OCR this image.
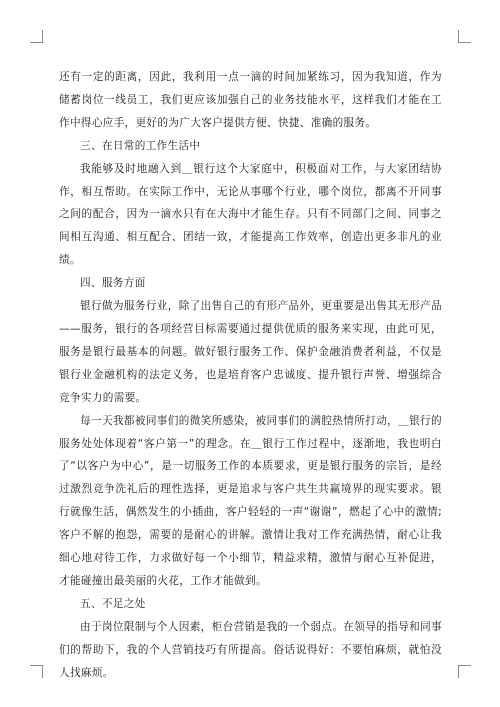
还有一定的距离，因此，我利用一点一滴的时间加紧练习，因为我知道，作为储蓄岗位一线员工，我们更应该加强自己的业务技能水平，这样我们才能在工作中得心应手，更好的为广大客户提供方便、快捷、准确的服务。

三、在日常的工作生活中

我能够及时地融入到＿银行这个大家庭中，积极面对工作，与大家团结协作，相互帮助。在实际工作中，无论从事哪个行业，哪个岗位，都离不开同事之间的配合，因为一滴水只有在大海中才能生存。只有不同部门之间、同事之间相互沟通、相互配合、团结一致，才能提高工作效率，创造出更多非凡的业绩。

四、服务方面

银行做为服务行业，除了出售自己的有形产品外，更重要是出售其无形产品——服务，银行的各项经营目标需要通过提供优质的服务来实现，由此可见，服务是银行最基本的问题。做好银行服务工作、保护金融消费者利益，不仅是银行业金融机构的法定义务，也是培育客户忠诚度、提升银行声誉、增强综合竞争实力的需要。

每一天我都被同事们的微笑所感染，被同事们的满腔热情所打动，＿银行的服务处处体现着“客户第一”的理念。在＿银行工作过程中，逐渐地，我也明白了“以客户为中心”，是一切服务工作的本质要求，更是银行服务的宗旨，是经过激烈竞争洗礼后的理性选择，更是追求与客户共生共赢境界的现实要求。银行就像生活，偶然发生的小插曲，客户轻轻的一声“谢谢”，燃起了心中的激情;客户不解的抱怨，需要的是耐心的讲解。激情让我对工作充满热情，耐心让我细心地对待工作，力求做好每一个小细节，精益求精，激情与耐心互补促进，才能碰撞出最美丽的火花，工作才能做到。

五、不足之处

由于岗位限制与个人因素，柜台营销是我的一个弱点。在领导的指导和同事们的帮助下，我的个人营销技巧有所提高。俗话说得好：不要怕麻烦，就怕没人找麻烦。
